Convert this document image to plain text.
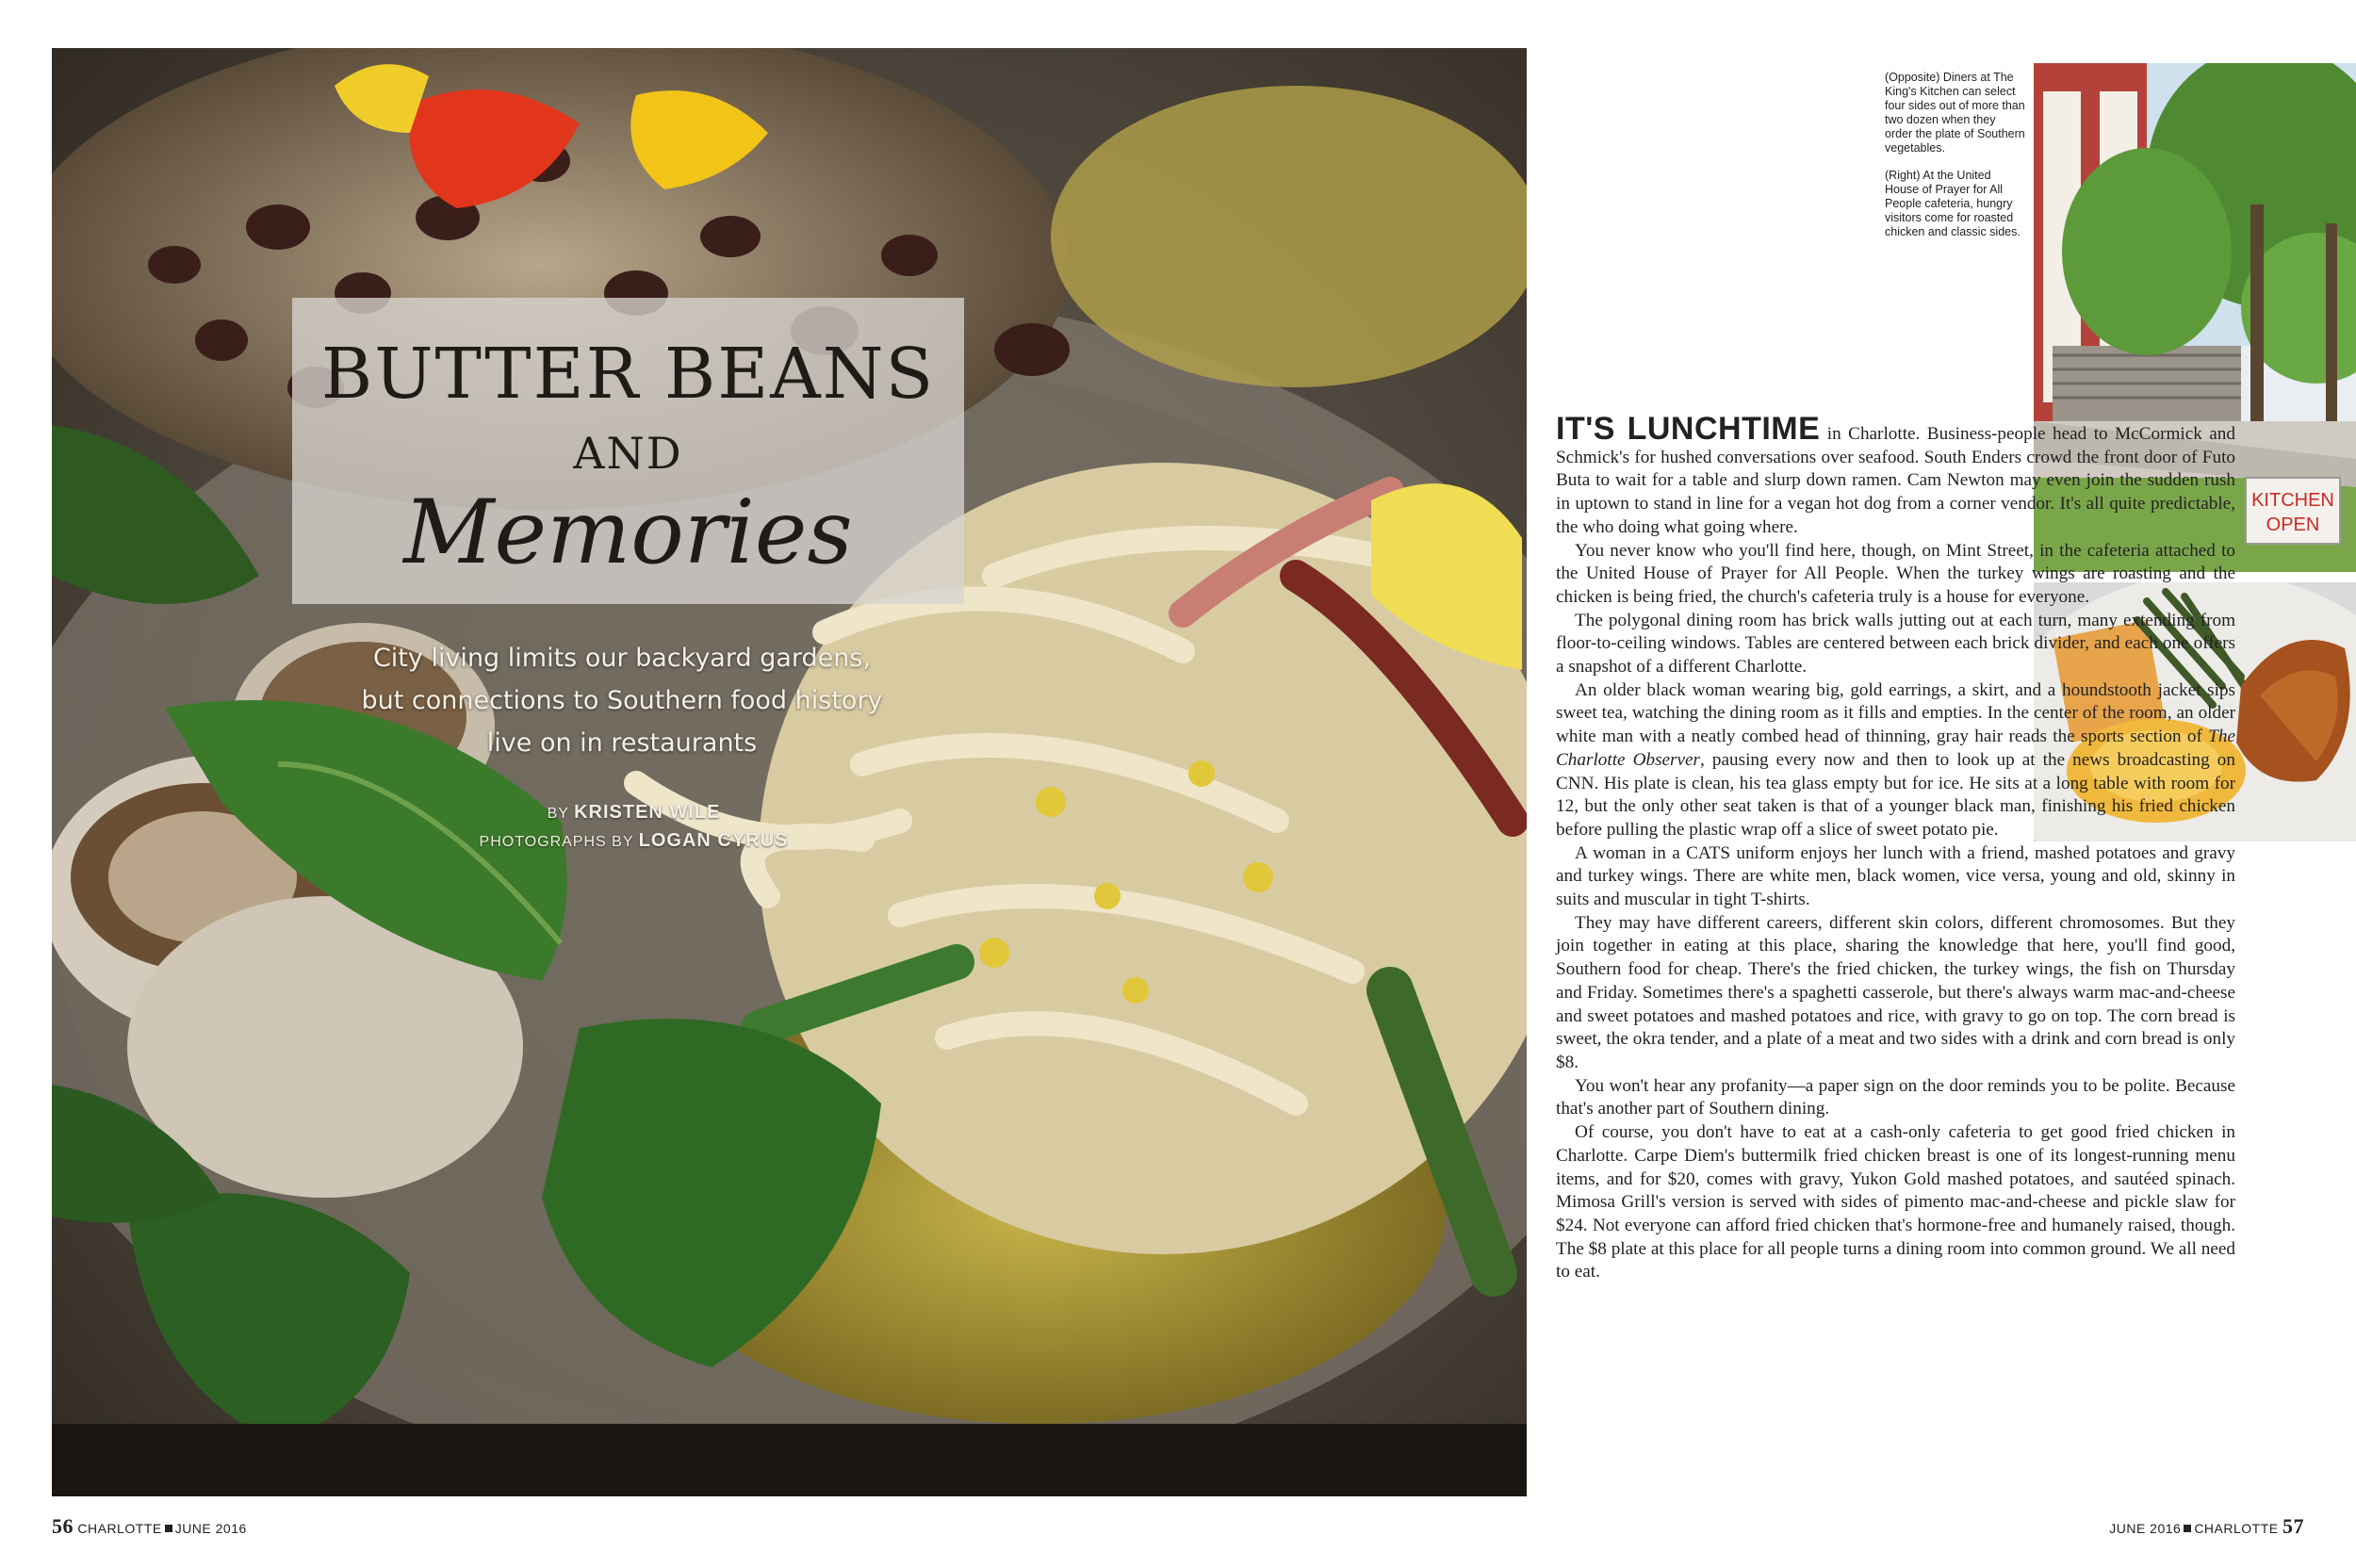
BUTTER BEANS
AND
Memories
City living limits our backyard gardens,
but connections to Southern food history
live on in restaurants
BY KRISTEN WILE
PHOTOGRAPHS BY LOGAN CYRUS

(Opposite) Diners at The King's Kitchen can select four sides out of more than two dozen when they order the plate of Southern vegetables.

(Right) At the United House of Prayer for All People cafeteria, hungry visitors come for roasted chicken and classic sides.

KITCHEN
OPEN

IT'S LUNCHTIME in Charlotte. Business-people head to McCormick and Schmick's for hushed conversations over seafood. South Enders crowd the front door of Futo Buta to wait for a table and slurp down ramen. Cam Newton may even join the sudden rush in uptown to stand in line for a vegan hot dog from a corner vendor. It's all quite predictable, the who doing what going where.

You never know who you'll find here, though, on Mint Street, in the cafeteria attached to the United House of Prayer for All People. When the turkey wings are roasting and the chicken is being fried, the church's cafeteria truly is a house for everyone.

The polygonal dining room has brick walls jutting out at each turn, many extending from floor-to-ceiling windows. Tables are centered between each brick divider, and each one offers a snapshot of a different Charlotte.

An older black woman wearing big, gold earrings, a skirt, and a houndstooth jacket sips sweet tea, watching the dining room as it fills and empties. In the center of the room, an older white man with a neatly combed head of thinning, gray hair reads the sports section of The Charlotte Observer, pausing every now and then to look up at the news broadcasting on CNN. His plate is clean, his tea glass empty but for ice. He sits at a long table with room for 12, but the only other seat taken is that of a younger black man, finishing his fried chicken before pulling the plastic wrap off a slice of sweet potato pie.

A woman in a CATS uniform enjoys her lunch with a friend, mashed potatoes and gravy and turkey wings. There are white men, black women, vice versa, young and old, skinny in suits and muscular in tight T-shirts.

They may have different careers, different skin colors, different chromosomes. But they join together in eating at this place, sharing the knowledge that here, you'll find good, Southern food for cheap. There's the fried chicken, the turkey wings, the fish on Thursday and Friday. Sometimes there's a spaghetti casserole, but there's always warm mac-and-cheese and sweet potatoes and mashed potatoes and rice, with gravy to go on top. The corn bread is sweet, the okra tender, and a plate of a meat and two sides with a drink and corn bread is only $8.

You won't hear any profanity—a paper sign on the door reminds you to be polite. Because that's another part of Southern dining.

Of course, you don't have to eat at a cash-only cafeteria to get good fried chicken in Charlotte. Carpe Diem's buttermilk fried chicken breast is one of its longest-running menu items, and for $20, comes with gravy, Yukon Gold mashed potatoes, and sautéed spinach. Mimosa Grill's version is served with sides of pimento mac-and-cheese and pickle slaw for $24. Not everyone can afford fried chicken that's hormone-free and humanely raised, though. The $8 plate at this place for all people turns a dining room into common ground. We all need to eat.

56 CHARLOTTE JUNE 2016	JUNE 2016 CHARLOTTE 57
